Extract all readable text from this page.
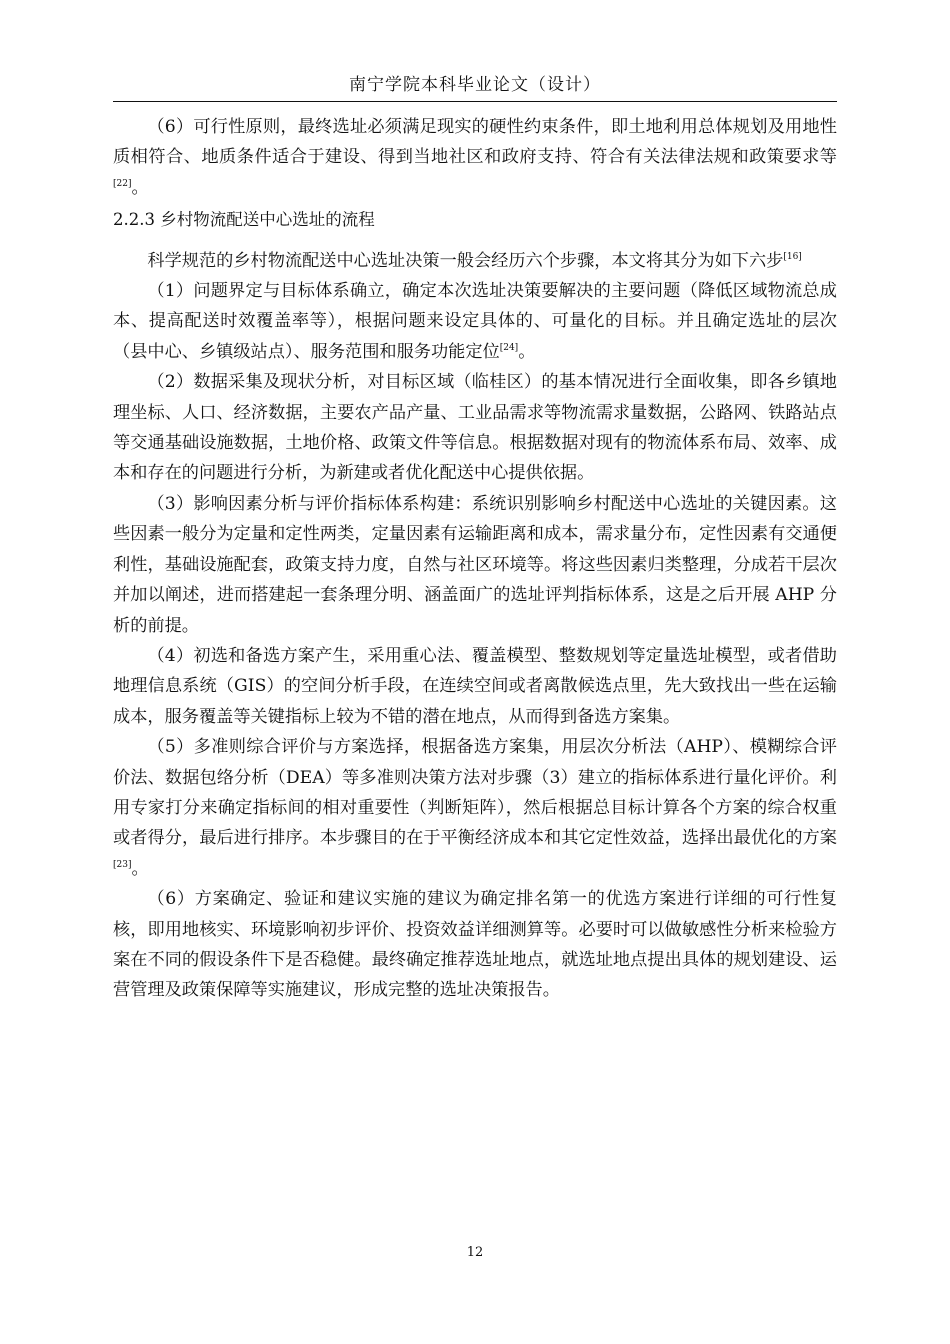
南宁学院本科毕业论文（设计）

（6）可行性原则，最终选址必须满足现实的硬性约束条件，即土地利用总体规划及用地性质相符合、地质条件适合于建设、得到当地社区和政府支持、符合有关法律法规和政策要求等[22]。

2.2.3 乡村物流配送中心选址的流程

科学规范的乡村物流配送中心选址决策一般会经历六个步骤，本文将其分为如下六步[16]

（1）问题界定与目标体系确立，确定本次选址决策要解决的主要问题（降低区域物流总成本、提高配送时效覆盖率等），根据问题来设定具体的、可量化的目标。并且确定选址的层次（县中心、乡镇级站点）、服务范围和服务功能定位[24]。

（2）数据采集及现状分析，对目标区域（临桂区）的基本情况进行全面收集，即各乡镇地理坐标、人口、经济数据，主要农产品产量、工业品需求等物流需求量数据，公路网、铁路站点等交通基础设施数据，土地价格、政策文件等信息。根据数据对现有的物流体系布局、效率、成本和存在的问题进行分析，为新建或者优化配送中心提供依据。

（3）影响因素分析与评价指标体系构建：系统识别影响乡村配送中心选址的关键因素。这些因素一般分为定量和定性两类，定量因素有运输距离和成本，需求量分布，定性因素有交通便利性，基础设施配套，政策支持力度，自然与社区环境等。将这些因素归类整理，分成若干层次并加以阐述，进而搭建起一套条理分明、涵盖面广的选址评判指标体系，这是之后开展 AHP 分析的前提。

（4）初选和备选方案产生，采用重心法、覆盖模型、整数规划等定量选址模型，或者借助地理信息系统（GIS）的空间分析手段，在连续空间或者离散候选点里，先大致找出一些在运输成本，服务覆盖等关键指标上较为不错的潜在地点，从而得到备选方案集。

（5）多准则综合评价与方案选择，根据备选方案集，用层次分析法（AHP）、模糊综合评价法、数据包络分析（DEA）等多准则决策方法对步骤（3）建立的指标体系进行量化评价。利用专家打分来确定指标间的相对重要性（判断矩阵），然后根据总目标计算各个方案的综合权重或者得分，最后进行排序。本步骤目的在于平衡经济成本和其它定性效益，选择出最优化的方案[23]。

（6）方案确定、验证和建议实施的建议为确定排名第一的优选方案进行详细的可行性复核，即用地核实、环境影响初步评价、投资效益详细测算等。必要时可以做敏感性分析来检验方案在不同的假设条件下是否稳健。最终确定推荐选址地点，就选址地点提出具体的规划建设、运营管理及政策保障等实施建议，形成完整的选址决策报告。

12
